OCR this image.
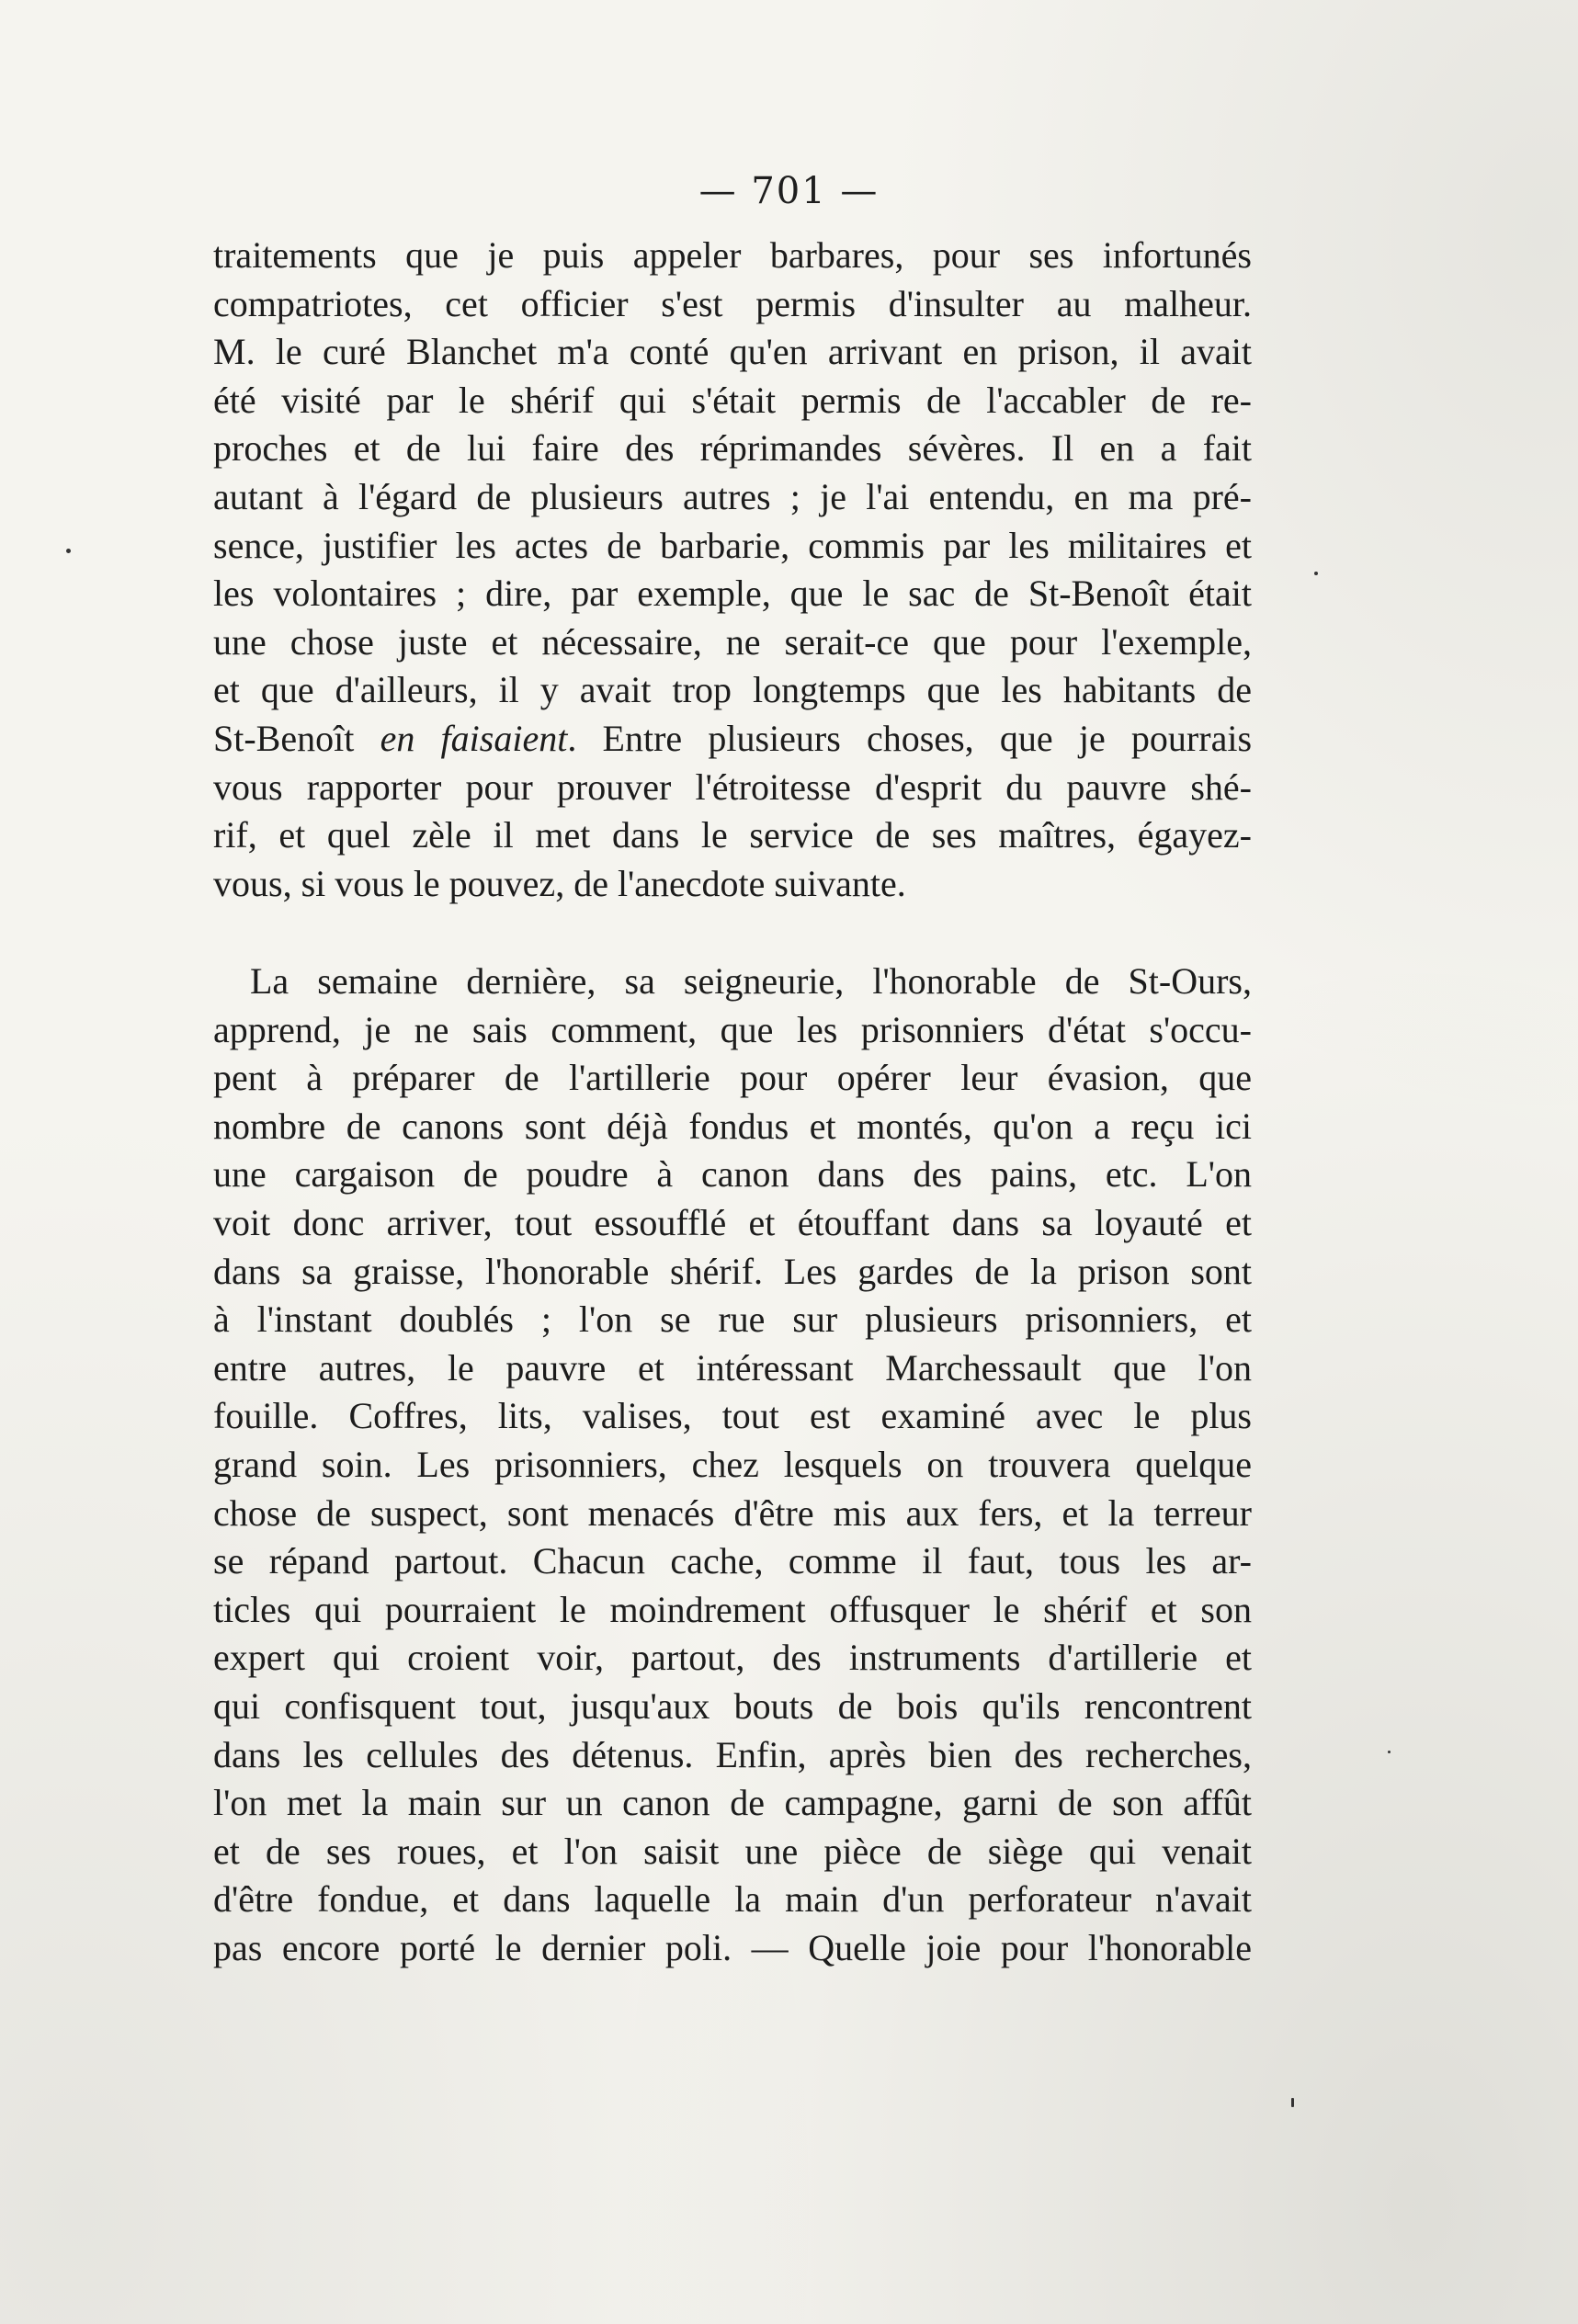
— 701 —
traitements que je puis appeler barbares, pour ses infortunés
compatriotes, cet officier s'est permis d'insulter au malheur.
M. le curé Blanchet m'a conté qu'en arrivant en prison, il avait
été visité par le shérif qui s'était permis de l'accabler de re-
proches et de lui faire des réprimandes sévères. Il en a fait
autant à l'égard de plusieurs autres ; je l'ai entendu, en ma pré-
sence, justifier les actes de barbarie, commis par les militaires et
les volontaires ; dire, par exemple, que le sac de St-Benoît était
une chose juste et nécessaire, ne serait-ce que pour l'exemple,
et que d'ailleurs, il y avait trop longtemps que les habitants de
St-Benoît en faisaient. Entre plusieurs choses, que je pourrais
vous rapporter pour prouver l'étroitesse d'esprit du pauvre shé-
rif, et quel zèle il met dans le service de ses maîtres, égayez-
vous, si vous le pouvez, de l'anecdote suivante.
La semaine dernière, sa seigneurie, l'honorable de St-Ours,
apprend, je ne sais comment, que les prisonniers d'état s'occu-
pent à préparer de l'artillerie pour opérer leur évasion, que
nombre de canons sont déjà fondus et montés, qu'on a reçu ici
une cargaison de poudre à canon dans des pains, etc. L'on
voit donc arriver, tout essoufflé et étouffant dans sa loyauté et
dans sa graisse, l'honorable shérif. Les gardes de la prison sont
à l'instant doublés ; l'on se rue sur plusieurs prisonniers, et
entre autres, le pauvre et intéressant Marchessault que l'on
fouille. Coffres, lits, valises, tout est examiné avec le plus
grand soin. Les prisonniers, chez lesquels on trouvera quelque
chose de suspect, sont menacés d'être mis aux fers, et la terreur
se répand partout. Chacun cache, comme il faut, tous les ar-
ticles qui pourraient le moindrement offusquer le shérif et son
expert qui croient voir, partout, des instruments d'artillerie et
qui confisquent tout, jusqu'aux bouts de bois qu'ils rencontrent
dans les cellules des détenus. Enfin, après bien des recherches,
l'on met la main sur un canon de campagne, garni de son affût
et de ses roues, et l'on saisit une pièce de siège qui venait
d'être fondue, et dans laquelle la main d'un perforateur n'avait
pas encore porté le dernier poli. — Quelle joie pour l'honorable
